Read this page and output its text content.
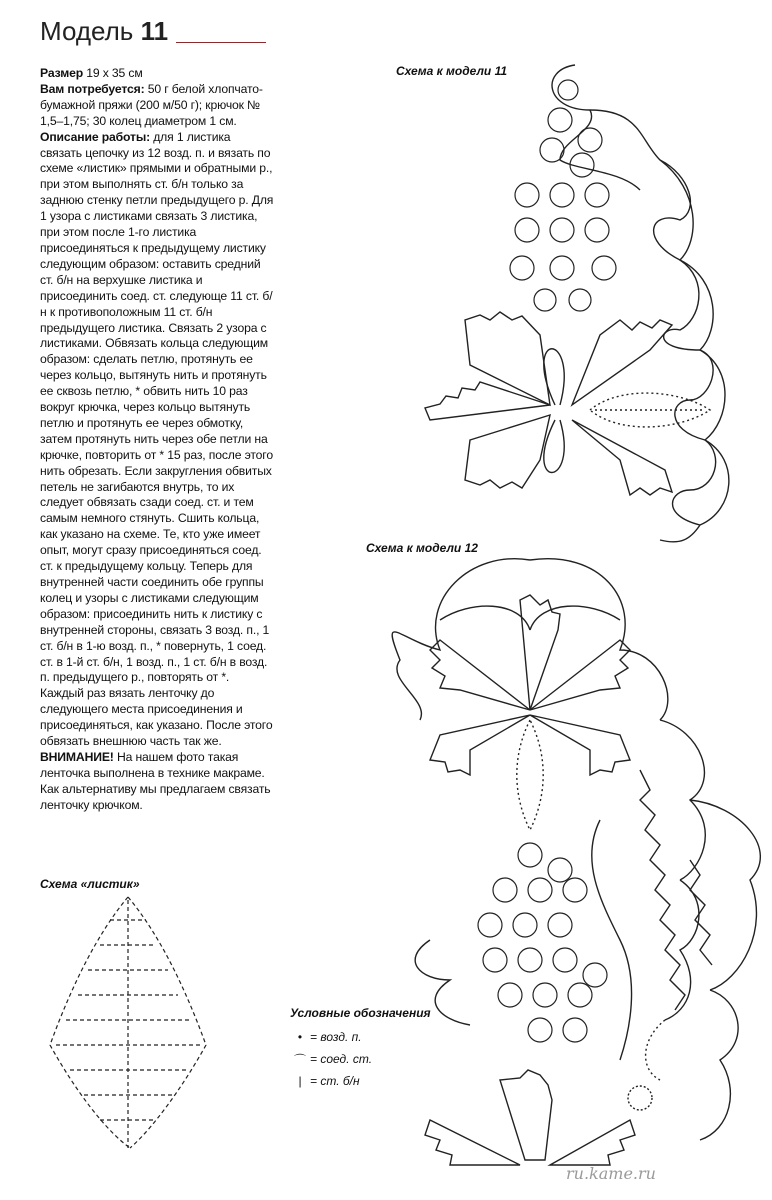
Модель 11

Размер 19 х 35 см

Вам потребуется: 50 г белой хлопчато-бумажной пряжи (200 м/50 г); крючок № 1,5–1,75; 30 колец диаметром 1 см.

Описание работы: для 1 листика связать цепочку из 12 возд. п. и вязать по схеме «листик» прямыми и обратными р., при этом выполнять ст. б/н только за заднюю стенку петли предыдущего р. Для 1 узора с листиками связать 3 листика, при этом после 1-го листика присоединяться к предыдущему листику следующим образом: оставить средний ст. б/н на верхушке листика и присоединить соед. ст. следующе 11 ст. б/н к противоположным 11 ст. б/н предыдущего листика. Связать 2 узора с листиками. Обвязать кольца следующим образом: сделать петлю, протянуть ее через кольцо, вытянуть нить и протянуть ее сквозь петлю, * обвить нить 10 раз вокруг крючка, через кольцо вытянуть петлю и протянуть ее через обмотку, затем протянуть нить через обе петли на крючке, повторить от * 15 раз, после этого нить обрезать. Если закругления обвитых петель не загибаются внутрь, то их следует обвязать сзади соед. ст. и тем самым немного стянуть. Сшить кольца, как указано на схеме. Те, кто уже имеет опыт, могут сразу присоединяться соед. ст. к предыдущему кольцу. Теперь для внутренней части соединить обе группы колец и узоры с листиками следующим образом: присоединить нить к листику с внутренней стороны, связать 3 возд. п., 1 ст. б/н в 1-ю возд. п., * повернуть, 1 соед. ст. в 1-й ст. б/н, 1 возд. п., 1 ст. б/н в возд. п. предыдущего р., повторять от *. Каждый раз вязать ленточку до следующего места присоединения и присоединяться, как указано. После этого обвязать внешнюю часть так же.

ВНИМАНИЕ! На нашем фото такая ленточка выполнена в технике макраме. Как альтернативу мы предлагаем связать ленточку крючком.

Схема к модели 11
Схема к модели 12
Схема «листик»
Условные обозначения
• = возд. п.
⌒ = соед. ст.
| = ст. б/н
ru.kame.ru
